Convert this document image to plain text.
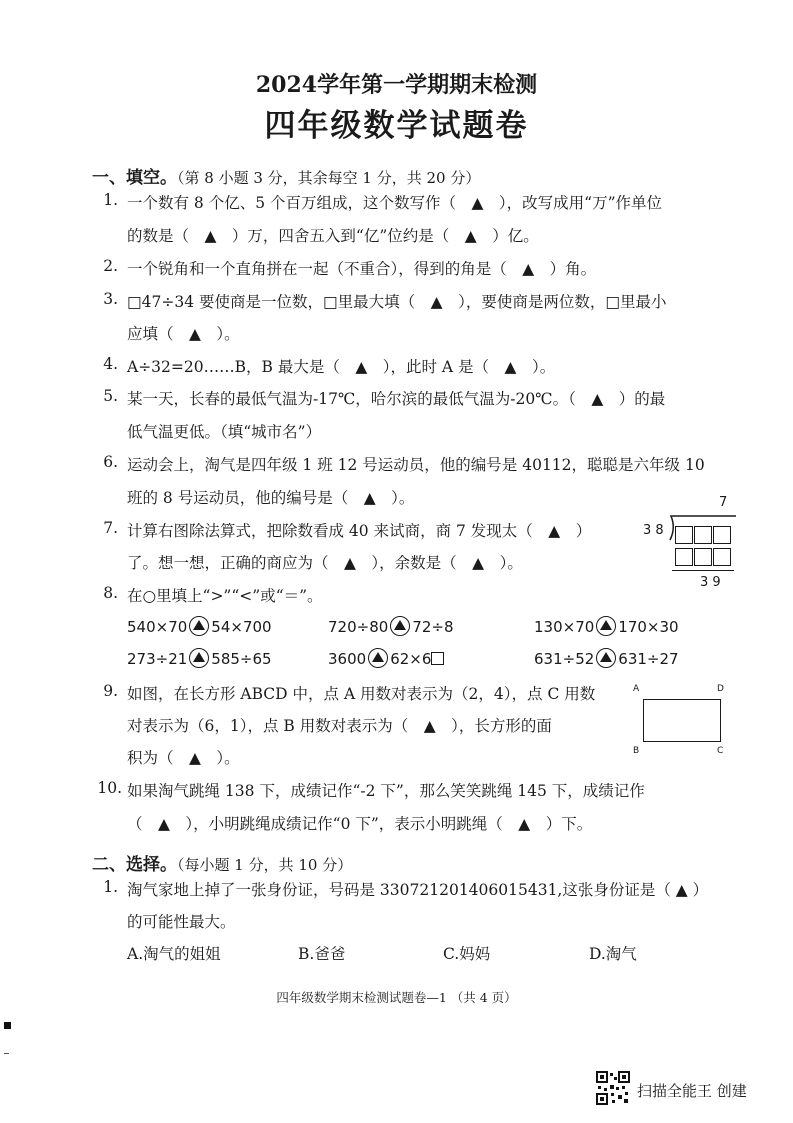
2024学年第一学期期末检测
四年级数学试题卷
一、填空。（第 8 小题 3 分，其余每空 1 分，共 20 分）
1. 一个数有 8 个亿、5 个百万组成，这个数写作（　▲　），改写成用“万”作单位
的数是（　▲　）万，四舍五入到“亿”位约是（　▲　）亿。
2. 一个锐角和一个直角拼在一起（不重合），得到的角是（　▲　）角。
3. □47÷34 要使商是一位数，□里最大填（　▲　），要使商是两位数，□里最小
应填（　▲　）。
4. A÷32=20……B，B 最大是（　▲　），此时 A 是（　▲　）。
5. 某一天，长春的最低气温为-17℃，哈尔滨的最低气温为-20℃。（　▲　）的最
低气温更低。（填“城市名”）
6. 运动会上，淘气是四年级 1 班 12 号运动员，他的编号是 40112，聪聪是六年级 10
班的 8 号运动员，他的编号是（　▲　）。
7. 计算右图除法算式，把除数看成 40 来试商，商 7 发现太（　▲　）
了。想一想，正确的商应为（　▲　），余数是（　▲　）。
7
3 8
3 9
8. 在○里填上“>”“<”或“＝”。
540×70 54×700	720÷80 72÷8	130×70 170×30
273÷21 585÷65	3600 62×6	631÷52 631÷27
9. 如图，在长方形 ABCD 中，点 A 用数对表示为（2，4），点 C 用数
对表示为（6，1），点 B 用数对表示为（　▲　），长方形的面
积为（　▲　）。
A	D
B	C
10. 如果淘气跳绳 138 下，成绩记作“-2 下”，那么笑笑跳绳 145 下，成绩记作
（　▲　），小明跳绳成绩记作“0 下”，表示小明跳绳（　▲　）下。
二、选择。（每小题 1 分，共 10 分）
1. 淘气家地上掉了一张身份证，号码是 330721201406015431,这张身份证是（ ▲ ）
的可能性最大。
A.淘气的姐姐	B.爸爸	C.妈妈	D.淘气
四年级数学期末检测试题卷—1 （共 4 页）
扫描全能王 创建
